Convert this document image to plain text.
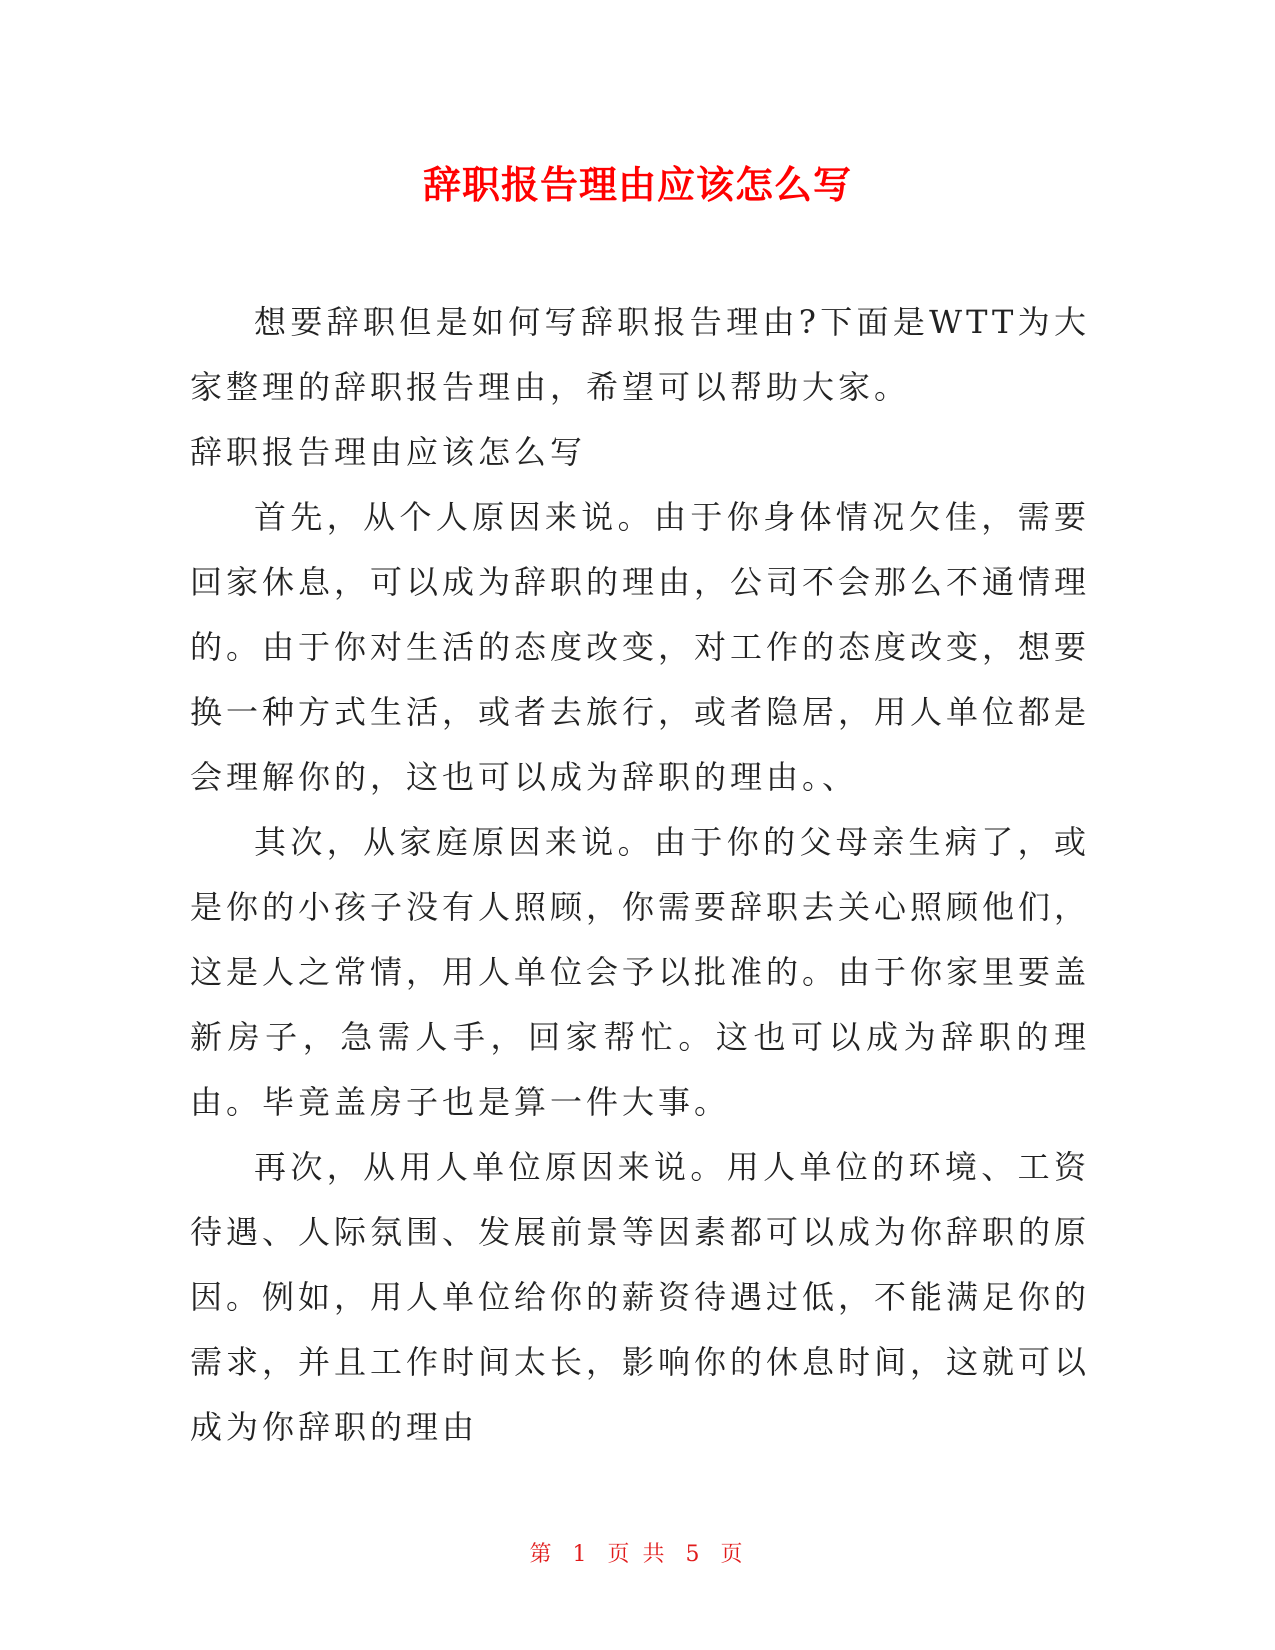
辞职报告理由应该怎么写

想要辞职但是如何写辞职报告理由?下面是WTT为大家整理的辞职报告理由，希望可以帮助大家。

辞职报告理由应该怎么写

首先，从个人原因来说。由于你身体情况欠佳，需要回家休息，可以成为辞职的理由，公司不会那么不通情理的。由于你对生活的态度改变，对工作的态度改变，想要换一种方式生活，或者去旅行，或者隐居，用人单位都是会理解你的，这也可以成为辞职的理由。、

其次，从家庭原因来说。由于你的父母亲生病了，或是你的小孩子没有人照顾，你需要辞职去关心照顾他们，这是人之常情，用人单位会予以批准的。由于你家里要盖新房子，急需人手，回家帮忙。这也可以成为辞职的理由。毕竟盖房子也是算一件大事。

再次，从用人单位原因来说。用人单位的环境、工资待遇、人际氛围、发展前景等因素都可以成为你辞职的原因。例如，用人单位给你的薪资待遇过低，不能满足你的需求，并且工作时间太长，影响你的休息时间，这就可以成为你辞职的理由

第 1 页 共 5 页
